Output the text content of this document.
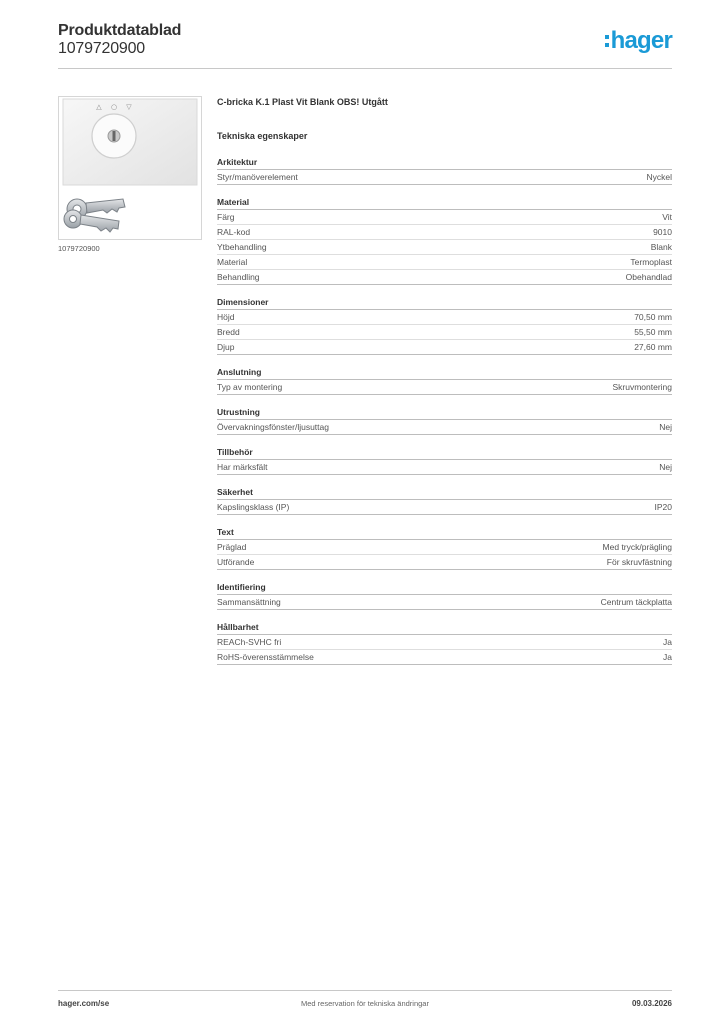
Produktdatablad
1079720900	hager
△ ○ ▽
1079720900
C-bricka K.1 Plast Vit Blank OBS! Utgått
Tekniska egenskaper
Arkitektur
Styr/manöverelement	Nyckel
Material
Färg	Vit
RAL-kod	9010
Ytbehandling	Blank
Material	Termoplast
Behandling	Obehandlad
Dimensioner
Höjd	70,50 mm
Bredd	55,50 mm
Djup	27,60 mm
Anslutning
Typ av montering	Skruvmontering
Utrustning
Övervakningsfönster/ljusuttag	Nej
Tillbehör
Har märksfält	Nej
Säkerhet
Kapslingsklass (IP)	IP20
Text
Präglad	Med tryck/prägling
Utförande	För skruvfästning
Identifiering
Sammansättning	Centrum täckplatta
Hållbarhet
REACh-SVHC fri	Ja
RoHS-överensstämmelse	Ja
hager.com/se	Med reservation för tekniska ändringar	09.03.2026
